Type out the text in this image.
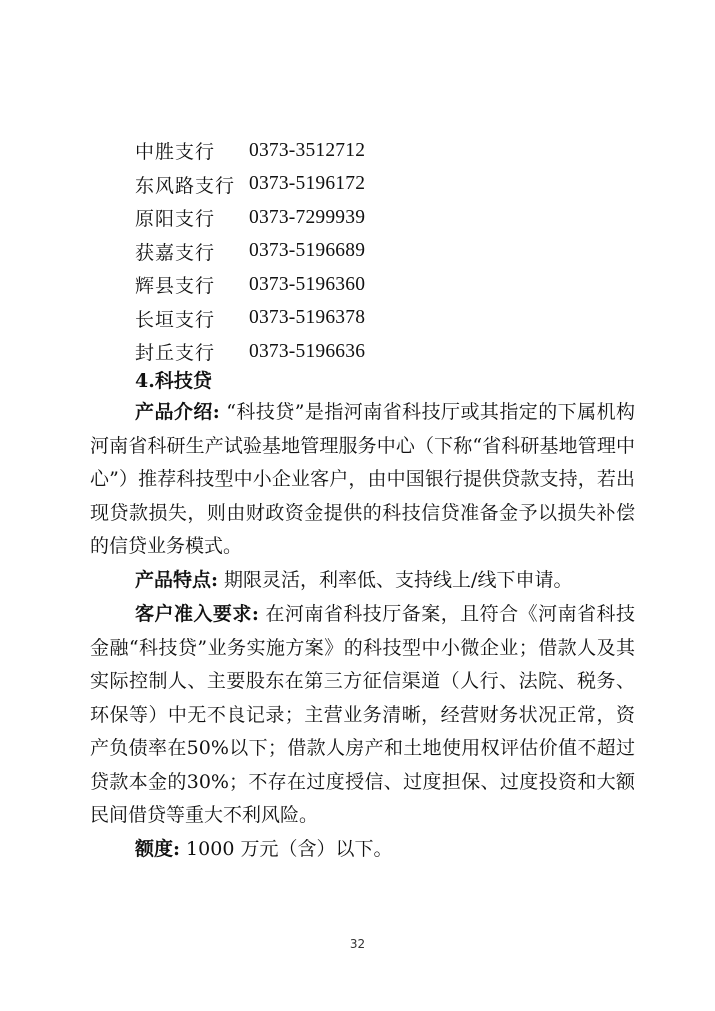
中胜支行	0373-3512712
东风路支行 0373-5196172
原阳支行	0373-7299939
获嘉支行	0373-5196689
辉县支行	0373-5196360
长垣支行	0373-5196378
封丘支行	0373-5196636
4.科技贷

产品介绍: “科技贷”是指河南省科技厅或其指定的下属机构河南省科研生产试验基地管理服务中心（下称“省科研基地管理中心”）推荐科技型中小企业客户，由中国银行提供贷款支持，若出现贷款损失，则由财政资金提供的科技信贷准备金予以损失补偿的信贷业务模式。

产品特点: 期限灵活，利率低、支持线上/线下申请。

客户准入要求: 在河南省科技厅备案，且符合《河南省科技金融“科技贷”业务实施方案》的科技型中小微企业；借款人及其实际控制人、主要股东在第三方征信渠道（人行、法院、税务、环保等）中无不良记录；主营业务清晰，经营财务状况正常，资产负债率在50%以下；借款人房产和土地使用权评估价值不超过贷款本金的30%；不存在过度授信、过度担保、过度投资和大额民间借贷等重大不利风险。

额度: 1000 万元（含）以下。

32
